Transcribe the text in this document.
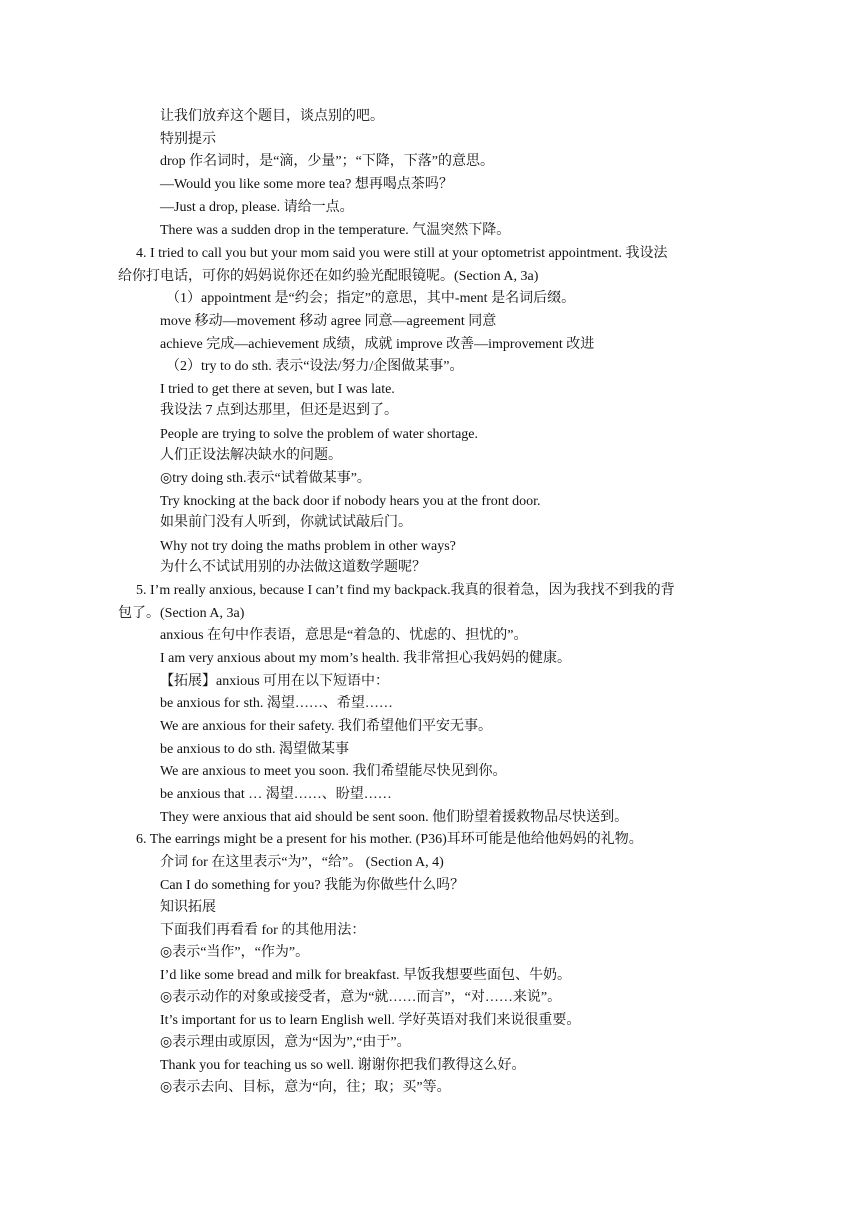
让我们放弃这个题目，谈点别的吧。
特别提示
drop 作名词时，是“滴，少量”；“下降，下落”的意思。
—Would you like some more tea? 想再喝点茶吗？
—Just a drop, please. 请给一点。
There was a sudden drop in the temperature. 气温突然下降。
4. I tried to call you but your mom said you were still at your optometrist appointment. 我设法
给你打电话，可你的妈妈说你还在如约验光配眼镜呢。(Section A, 3a)
（1）appointment 是“约会；指定”的意思，其中-ment 是名词后缀。
move 移动—movement 移动 agree 同意—agreement 同意
achieve 完成—achievement 成绩，成就 improve 改善—improvement 改进
（2）try to do sth. 表示“设法/努力/企图做某事”。
I tried to get there at seven, but I was late.
我设法 7 点到达那里，但还是迟到了。
People are trying to solve the problem of water shortage.
人们正设法解决缺水的问题。
◎try doing sth.表示“试着做某事”。
Try knocking at the back door if nobody hears you at the front door.
如果前门没有人听到，你就试试敲后门。
Why not try doing the maths problem in other ways?
为什么不试试用别的办法做这道数学题呢？
5. I’m really anxious, because I can’t find my backpack.我真的很着急，因为我找不到我的背
包了。(Section A, 3a)
anxious 在句中作表语，意思是“着急的、忧虑的、担忧的”。
I am very anxious about my mom’s health. 我非常担心我妈妈的健康。
【拓展】anxious 可用在以下短语中：
be anxious for sth. 渴望……、希望……
We are anxious for their safety. 我们希望他们平安无事。
be anxious to do sth. 渴望做某事
We are anxious to meet you soon. 我们希望能尽快见到你。
be anxious that … 渴望……、盼望……
They were anxious that aid should be sent soon. 他们盼望着援救物品尽快送到。
6. The earrings might be a present for his mother. (P36)耳环可能是他给他妈妈的礼物。
介词 for 在这里表示“为”，“给”。 (Section A, 4)
Can I do something for you? 我能为你做些什么吗？
知识拓展
下面我们再看看 for 的其他用法：
◎表示“当作”，“作为”。
I’d like some bread and milk for breakfast. 早饭我想要些面包、牛奶。
◎表示动作的对象或接受者，意为“就……而言”，“对……来说”。
It’s important for us to learn English well. 学好英语对我们来说很重要。
◎表示理由或原因，意为“因为”,“由于”。
Thank you for teaching us so well. 谢谢你把我们教得这么好。
◎表示去向、目标，意为“向，往；取；买”等。
